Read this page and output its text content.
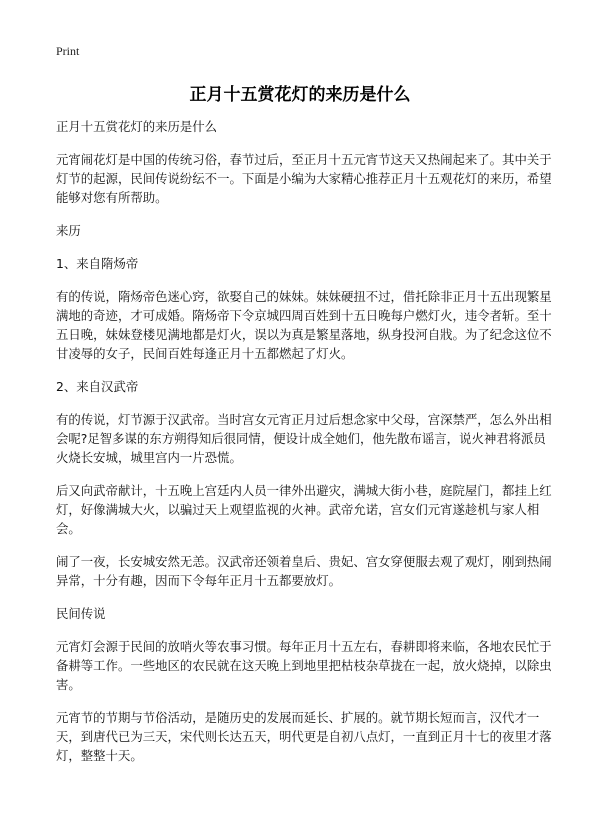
Print
正月十五赏花灯的来历是什么

正月十五赏花灯的来历是什么

元宵闹花灯是中国的传统习俗，春节过后，至正月十五元宵节这天又热闹起来了。其中关于灯节的起源，民间传说纷纭不一。下面是小编为大家精心推荐正月十五观花灯的来历，希望能够对您有所帮助。

来历

1、来自隋炀帝

有的传说，隋炀帝色迷心窍，欲娶自己的妹妹。妹妹硬扭不过，借托除非正月十五出现繁星满地的奇迹，才可成婚。隋炀帝下令京城四周百姓到十五日晚每户燃灯火，违令者斩。至十五日晚，妹妹登楼见满地都是灯火，误以为真是繁星落地，纵身投河自戕。为了纪念这位不甘凌辱的女子，民间百姓每逢正月十五都燃起了灯火。

2、来自汉武帝

有的传说，灯节源于汉武帝。当时宫女元宵正月过后想念家中父母，宫深禁严，怎么外出相会呢?足智多谋的东方朔得知后很同情，便设计成全她们，他先散布谣言，说火神君将派员火烧长安城，城里宫内一片恐慌。

后又向武帝献计，十五晚上宫廷内人员一律外出避灾，满城大街小巷，庭院屋门，都挂上红灯，好像满城大火，以骗过天上观望监视的火神。武帝允诺，宫女们元宵遂趁机与家人相会。

闹了一夜，长安城安然无恙。汉武帝还领着皇后、贵妃、宫女穿便服去观了观灯，刚到热闹异常，十分有趣，因而下令每年正月十五都要放灯。

民间传说

元宵灯会源于民间的放哨火等农事习惯。每年正月十五左右，春耕即将来临，各地农民忙于备耕等工作。一些地区的农民就在这天晚上到地里把枯枝杂草拢在一起，放火烧掉，以除虫害。

元宵节的节期与节俗活动，是随历史的发展而延长、扩展的。就节期长短而言，汉代才一天，到唐代已为三天，宋代则长达五天，明代更是自初八点灯，一直到正月十七的夜里才落灯，整整十天。
